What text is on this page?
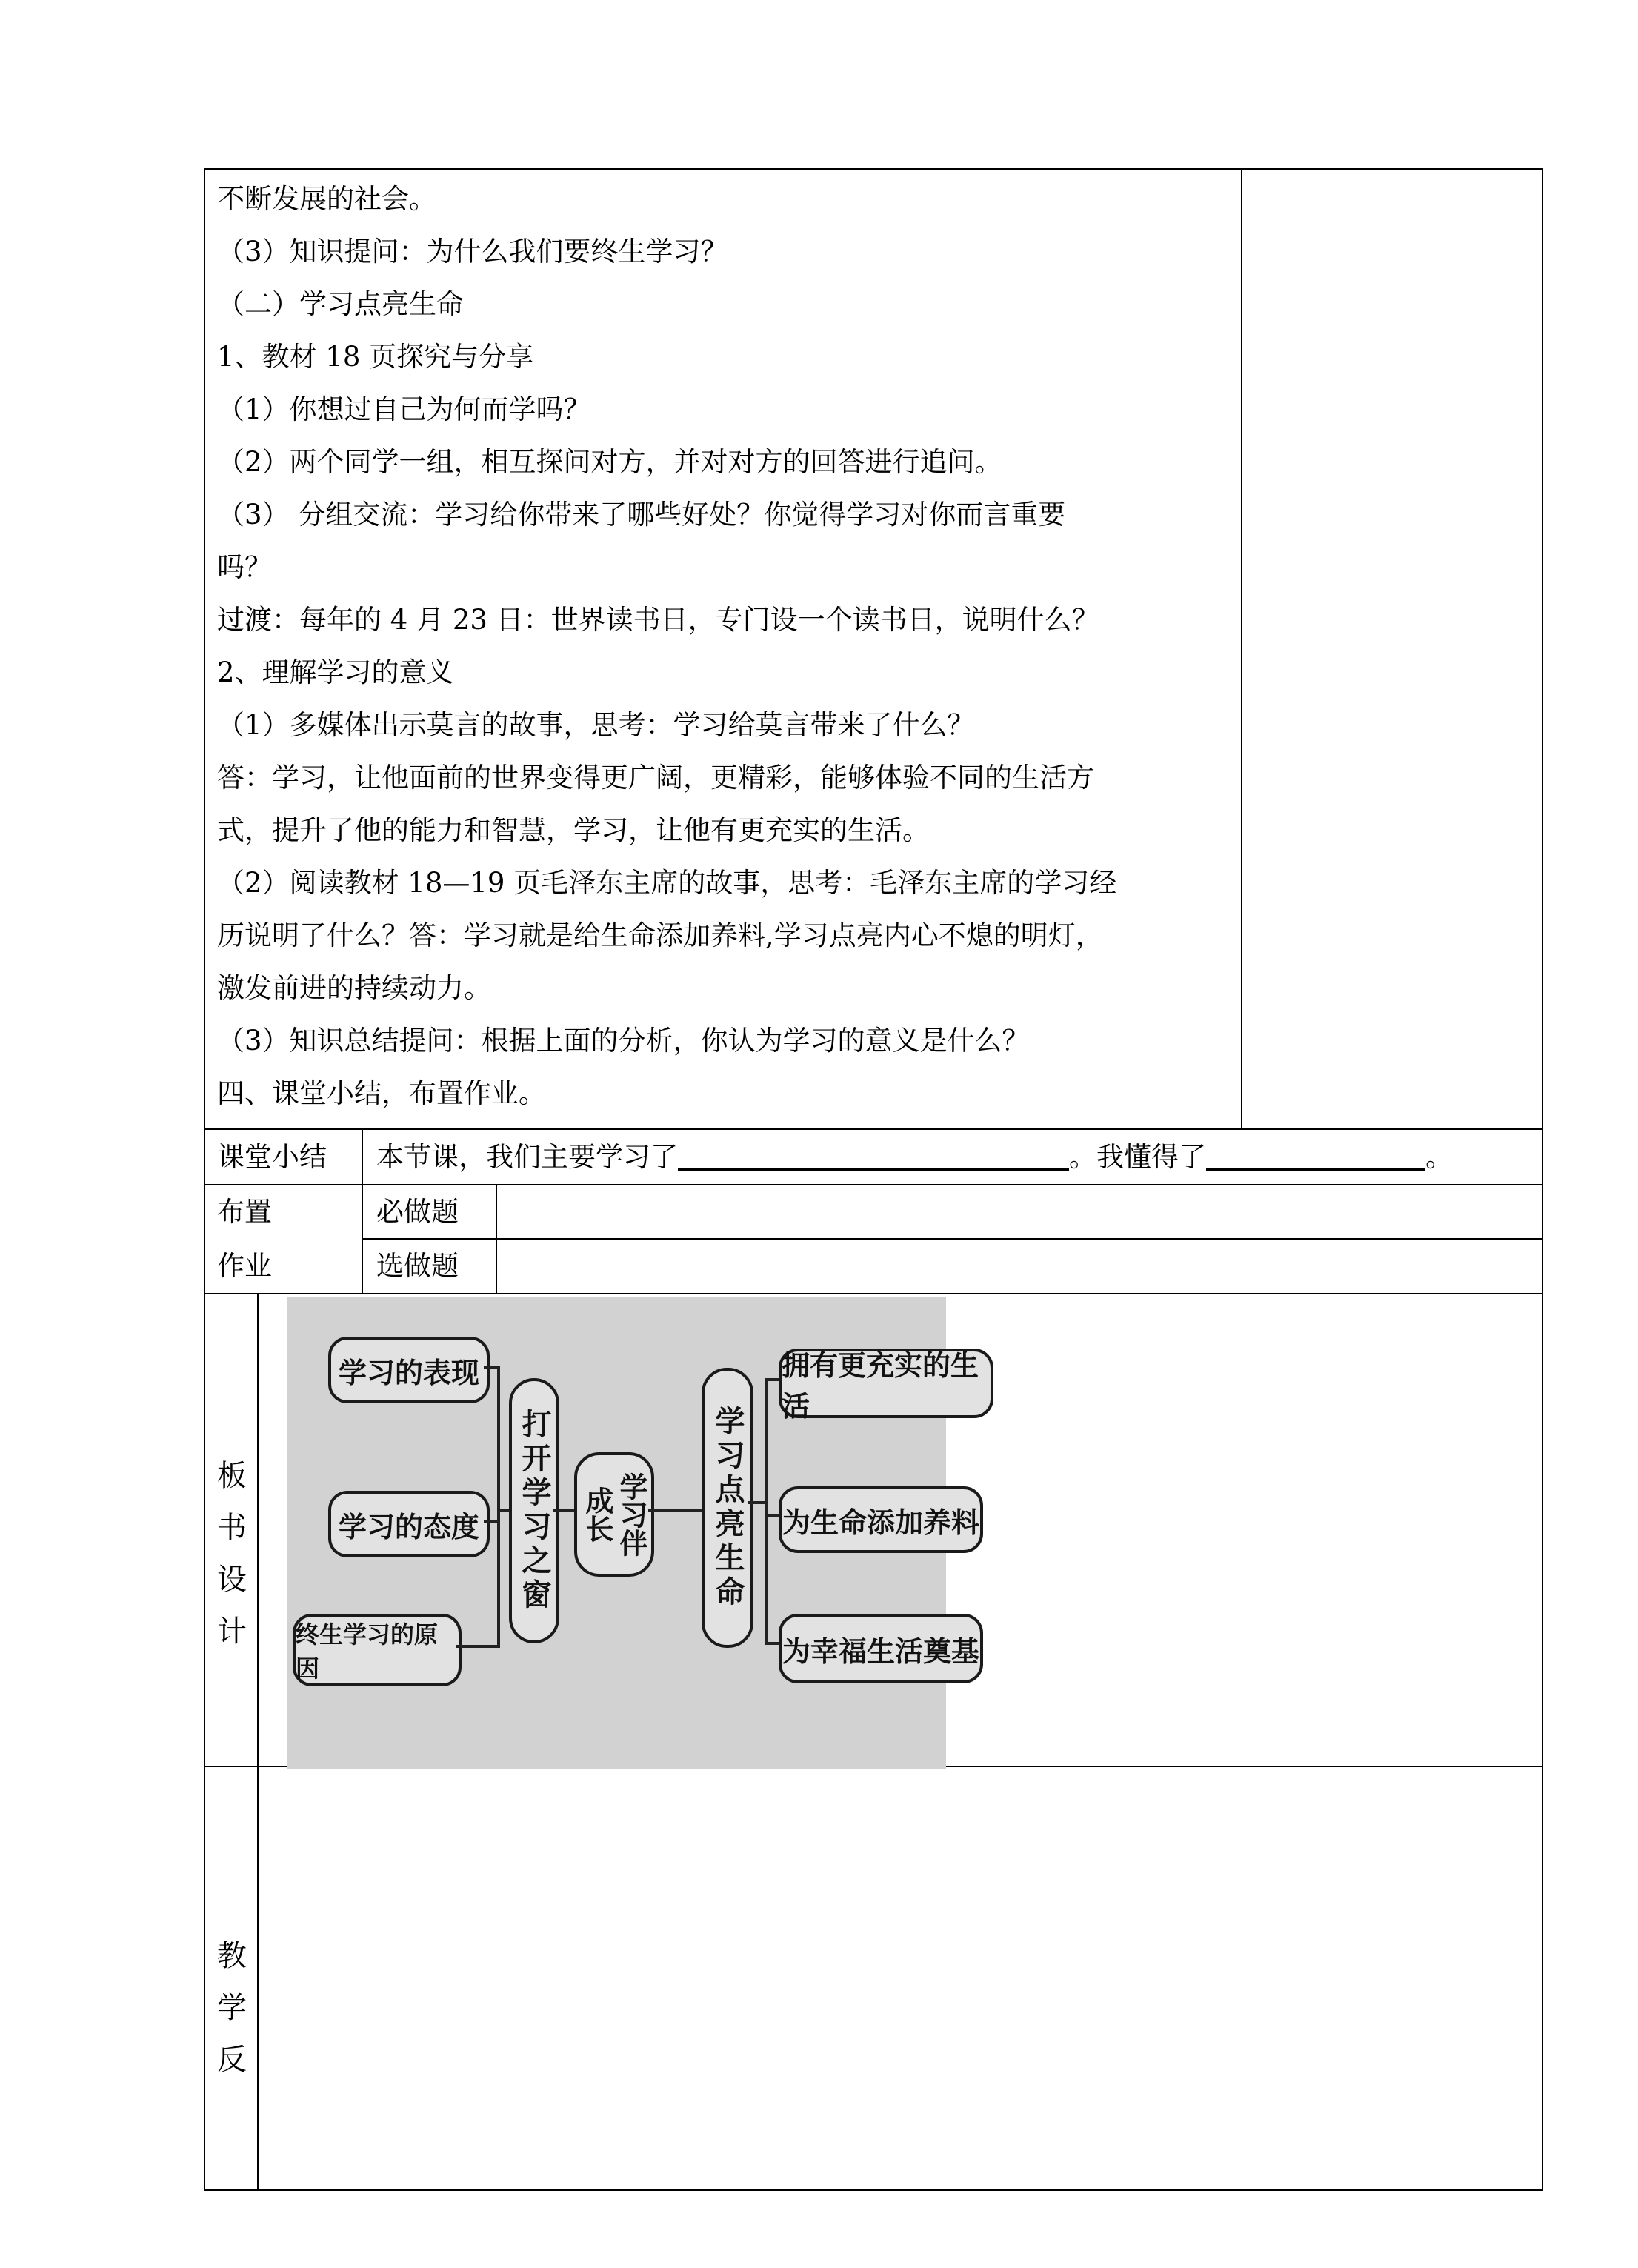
不断发展的社会。
（3）知识提问：为什么我们要终生学习？
（二）学习点亮生命
1、教材 18 页探究与分享
（1）你想过自己为何而学吗？
（2）两个同学一组，相互探问对方，并对对方的回答进行追问。
（3） 分组交流：学习给你带来了哪些好处？你觉得学习对你而言重要
吗？
过渡：每年的 4 月 23 日：世界读书日，专门设一个读书日，说明什么？
2、理解学习的意义
（1）多媒体出示莫言的故事，思考：学习给莫言带来了什么？
答：学习，让他面前的世界变得更广阔，更精彩，能够体验不同的生活方
式，提升了他的能力和智慧，学习，让他有更充实的生活。
（2）阅读教材 18—19 页毛泽东主席的故事，思考：毛泽东主席的学习经
历说明了什么？答：学习就是给生命添加养料,学习点亮内心不熄的明灯，
激发前进的持续动力。
（3）知识总结提问：根据上面的分析，你认为学习的意义是什么？
四、课堂小结，布置作业。
课堂小结 本节课，我们主要学习了	。我懂得了	。
布置
作业
必做题
选做题
板
书
设
计
学习的表现
学习的态度
终生学习的原因
打开学习之窗	学习伴成长	学习点亮生命
拥有更充实的生活
为生命添加养料
为幸福生活奠基
教
学
反
